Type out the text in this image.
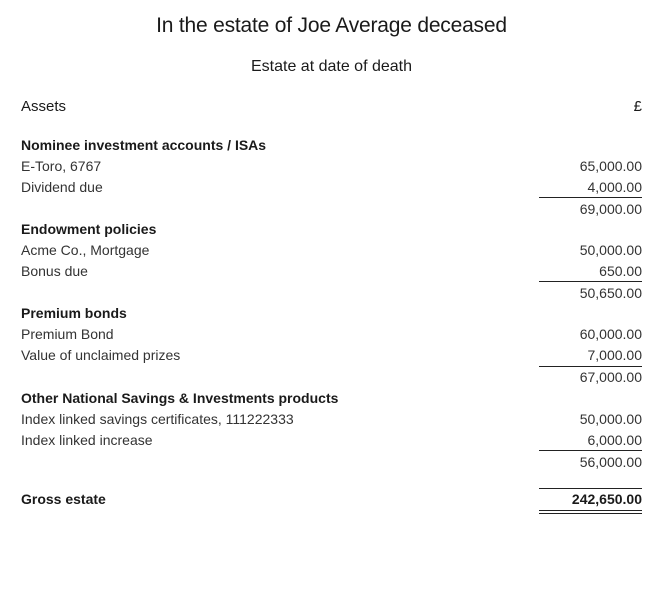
In the estate of Joe Average deceased
Estate at date of death
Assets	£
Nominee investment accounts / ISAs
E-Toro, 6767	65,000.00
Dividend due	4,000.00
69,000.00
Endowment policies
Acme Co., Mortgage	50,000.00
Bonus due	650.00
50,650.00
Premium bonds
Premium Bond	60,000.00
Value of unclaimed prizes	7,000.00
67,000.00
Other National Savings & Investments products
Index linked savings certificates, 111222333	50,000.00
Index linked increase	6,000.00
56,000.00
Gross estate	242,650.00
